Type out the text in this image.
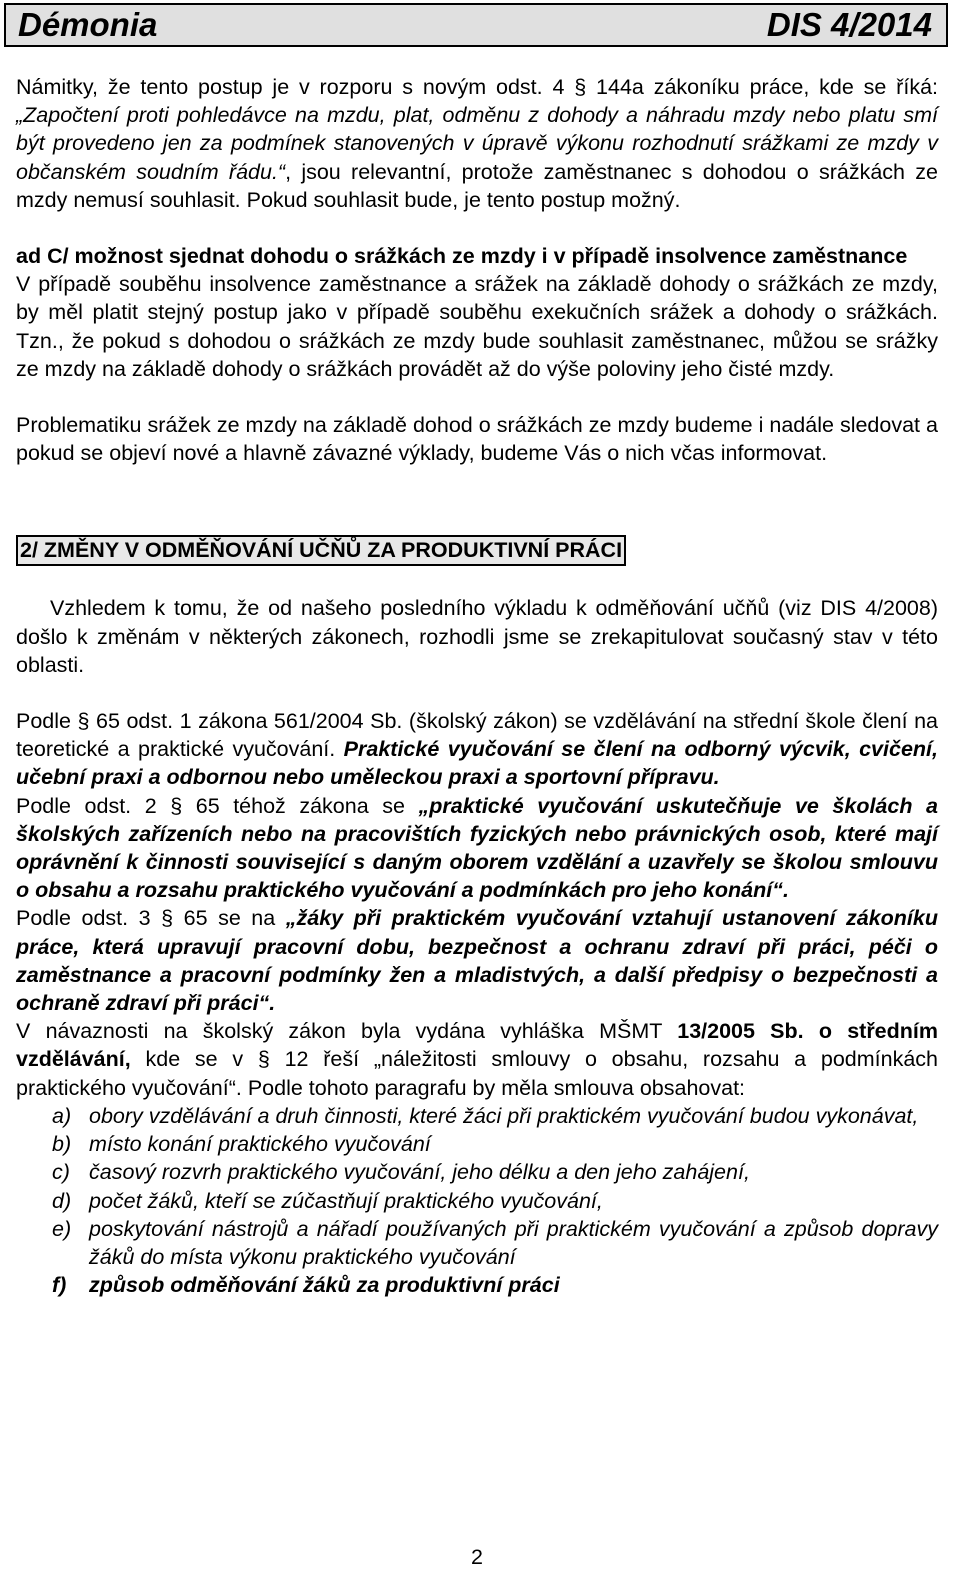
Démonia	DIS 4/2014

Námitky, že tento postup je v rozporu s novým odst. 4 § 144a zákoníku práce, kde se říká: „Započtení proti pohledávce na mzdu, plat, odměnu z dohody a náhradu mzdy nebo platu smí být provedeno jen za podmínek stanovených v úpravě výkonu rozhodnutí srážkami ze mzdy v občanském soudním řádu.“, jsou relevantní, protože zaměstnanec s dohodou o srážkách ze mzdy nemusí souhlasit. Pokud souhlasit bude, je tento postup možný.

ad C/ možnost sjednat dohodu o srážkách ze mzdy i v případě insolvence zaměstnance

V případě souběhu insolvence zaměstnance a srážek na základě dohody o srážkách ze mzdy, by měl platit stejný postup jako v případě souběhu exekučních srážek a dohody o srážkách. Tzn., že pokud s dohodou o srážkách ze mzdy bude souhlasit zaměstnanec, můžou se srážky ze mzdy na základě dohody o srážkách provádět až do výše poloviny jeho čisté mzdy.

Problematiku srážek ze mzdy na základě dohod o srážkách ze mzdy budeme i nadále sledovat a pokud se objeví nové a hlavně závazné výklady, budeme Vás o nich včas informovat.

2/ ZMĚNY V ODMĚŇOVÁNÍ UČŇŮ ZA PRODUKTIVNÍ PRÁCI

Vzhledem k tomu, že od našeho posledního výkladu k odměňování učňů (viz DIS 4/2008) došlo k změnám v některých zákonech, rozhodli jsme se zrekapitulovat současný stav v této oblasti.

Podle § 65 odst. 1 zákona 561/2004 Sb. (školský zákon) se vzdělávání na střední škole člení na teoretické a praktické vyučování. Praktické vyučování se člení na odborný výcvik, cvičení, učební praxi a odbornou nebo uměleckou praxi a sportovní přípravu.

Podle odst. 2 § 65 téhož zákona se „praktické vyučování uskutečňuje ve školách a školských zařízeních nebo na pracovištích fyzických nebo právnických osob, které mají oprávnění k činnosti související s daným oborem vzdělání a uzavřely se školou smlouvu o obsahu a rozsahu praktického vyučování a podmínkách pro jeho konání“.

Podle odst. 3 § 65 se na „žáky při praktickém vyučování vztahují ustanovení zákoníku práce, která upravují pracovní dobu, bezpečnost a ochranu zdraví při práci, péči o zaměstnance a pracovní podmínky žen a mladistvých, a další předpisy o bezpečnosti a ochraně zdraví při práci“.

V návaznosti na školský zákon byla vydána vyhláška MŠMT 13/2005 Sb. o středním vzdělávání, kde se v § 12 řeší „náležitosti smlouvy o obsahu, rozsahu a podmínkách praktického vyučování“. Podle tohoto paragrafu by měla smlouva obsahovat:

a) obory vzdělávání a druh činnosti, které žáci při praktickém vyučování budou vykonávat,
b) místo konání praktického vyučování
c) časový rozvrh praktického vyučování, jeho délku a den jeho zahájení,
d) počet žáků, kteří se zúčastňují praktického vyučování,
e) poskytování nástrojů a nářadí používaných při praktickém vyučování a způsob dopravy žáků do místa výkonu praktického vyučování
f) způsob odměňování žáků za produktivní práci
2
